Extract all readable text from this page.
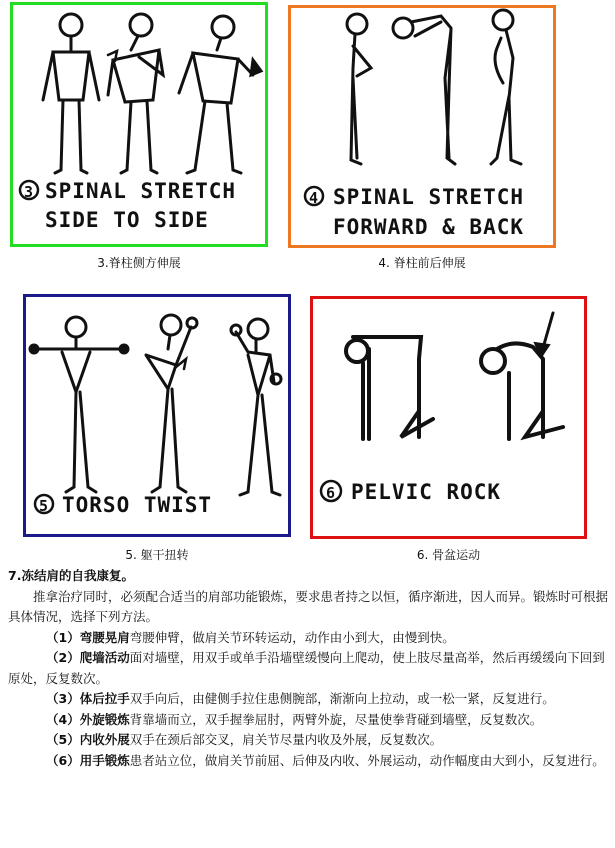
3 SPINAL STRETCH
SIDE TO SIDE
3.脊柱侧方伸展
4 SPINAL STRETCH
FORWARD & BACK
4. 脊柱前后伸展
5 TORSO TWIST
5. 躯干扭转
6 PELVIC ROCK
6. 骨盆运动

7.冻结肩的自我康复。

推拿治疗同时，必须配合适当的肩部功能锻炼，要求患者持之以恒，循序渐进，因人而异。锻炼时可根据具体情况，选择下列方法。

（1）弯腰晃肩弯腰伸臂，做肩关节环转运动，动作由小到大，由慢到快。

（2）爬墙活动面对墙壁，用双手或单手沿墙壁缓慢向上爬动，使上肢尽量高举，然后再缓缓向下回到原处，反复数次。

（3）体后拉手双手向后，由健侧手拉住患侧腕部，渐渐向上拉动，或一松一紧，反复进行。

（4）外旋锻炼背靠墙而立，双手握拳屈肘，两臂外旋，尽量使拳背碰到墙壁，反复数次。

（5）内收外展双手在颈后部交叉，肩关节尽量内收及外展，反复数次。

（6）用手锻炼患者站立位，做肩关节前屈、后伸及内收、外展运动，动作幅度由大到小，反复进行。
